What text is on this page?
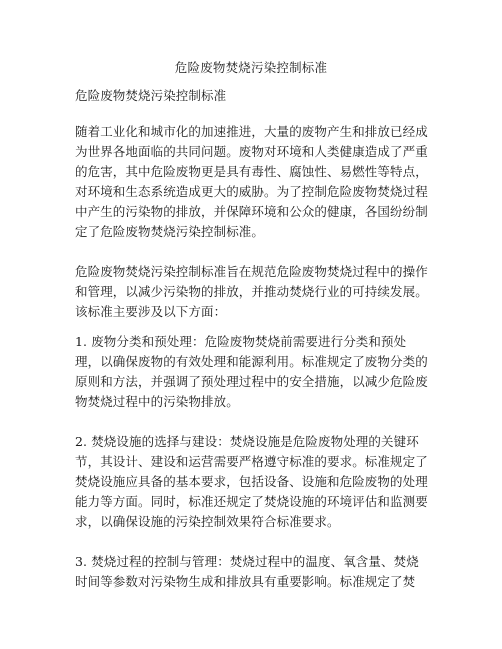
危险废物焚烧污染控制标准
危险废物焚烧污染控制标准

随着工业化和城市化的加速推进，大量的废物产生和排放已经成为世界各地面临的共同问题。废物对环境和人类健康造成了严重的危害，其中危险废物更是具有毒性、腐蚀性、易燃性等特点，对环境和生态系统造成更大的威胁。为了控制危险废物焚烧过程中产生的污染物的排放，并保障环境和公众的健康，各国纷纷制定了危险废物焚烧污染控制标准。

危险废物焚烧污染控制标准旨在规范危险废物焚烧过程中的操作和管理，以减少污染物的排放，并推动焚烧行业的可持续发展。该标准主要涉及以下方面：

1. 废物分类和预处理：危险废物焚烧前需要进行分类和预处理，以确保废物的有效处理和能源利用。标准规定了废物分类的原则和方法，并强调了预处理过程中的安全措施，以减少危险废物焚烧过程中的污染物排放。

2. 焚烧设施的选择与建设：焚烧设施是危险废物处理的关键环节，其设计、建设和运营需要严格遵守标准的要求。标准规定了焚烧设施应具备的基本要求，包括设备、设施和危险废物的处理能力等方面。同时，标准还规定了焚烧设施的环境评估和监测要求，以确保设施的污染控制效果符合标准要求。

3. 焚烧过程的控制与管理：焚烧过程中的温度、氧含量、焚烧时间等参数对污染物生成和排放具有重要影响。标准规定了焚
